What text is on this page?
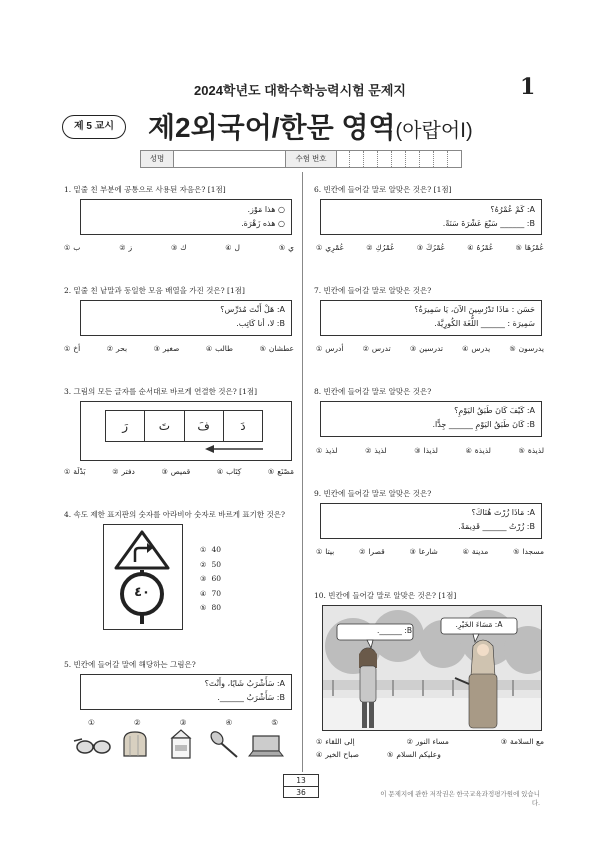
2024학년도 대학수학능력시험 문제지	1
제 5 교시	제2외국어/한문 영역(아랍어Ⅰ)
성명	수험 번호
1. 밑줄 친 부분에 공통으로 사용된 자음은? [1점]
○ هذا مَوْز.
○ هذه زَهْرَة.
① ب	② ز	③ ك	④ ل	⑤ ي
2. 밑줄 친 낱말과 동일한 모음 배열을 가진 것은? [1점]
A: هَلْ أَنْتَ مُدَرِّس؟
B: لا، أنا كَاتِب.
① أخ	② بحر	③ صغير	④ طالب	⑤ عطشان
3. 그림의 모든 글자를 순서대로 바르게 연결한 것은? [1점]
رَ	تَ	فَ	دَ
① بَدْلَة	② دفتر	③ قميص	④ كِتَاب	⑤ مَصْنَع
4. 속도 제한 표지판의 숫자를 아라비아 숫자로 바르게 표기한 것은?
٤٠
① 40
② 50
③ 60
④ 70
⑤ 80
5. 빈칸에 들어갈 말에 해당하는 그림은?
A: سَأَشْرَبُ شَايًا، وأَنْتَ؟
B: سَأَشْرَبُ ______.
①	②	③	④	⑤
6. 빈칸에 들어갈 말로 알맞은 것은? [1점]
A: كَمْ عُمْرُهُ؟
B: ______ سَبْعَ عَشْرَةَ سَنَةً.
① عُمْرِي	② عُمْرُكِ	③ عُمْرُكَ	④ عُمْرُهُ	⑤ عُمْرُهَا
7. 빈칸에 들어갈 말로 알맞은 것은?
حَسَن : مَاذَا تَدْرُسِينَ الآنَ، يَا سَمِيرَةُ؟
سَمِيرَة : ______ اللُّغَةَ الكُورِيَّةَ.
① أدرس	② تدرس	③ تدرسين	④ يدرس	⑤ يدرسون
8. 빈칸에 들어갈 말로 알맞은 것은?
A: كَيْفَ كَانَ طَبَقُ اليَوْمِ؟
B: كَانَ طَبَقُ اليَوْمِ ______ جِدًّا.
① لذيذ	② لذيذ	③ لذيذا	④ لذيذة	⑤ لذيذة
9. 빈칸에 들어갈 말로 알맞은 것은?
A: مَاذَا زُرْتَ هُنَاكَ؟
B: زُرْتُ ______ قَدِيمَةً.
① بيتا	② قصرا	③ شارعا	④ مدينة	⑤ مسجدا
10. 빈칸에 들어갈 말로 알맞은 것은? [1점]
.______ :B
A: مَسَاءَ الخَيْرِ.
① إلى اللقاء	② مساء النور	③ مع السلامة
④ صباح الخير	⑤ وعليكم السلام
13
36	이 문제지에 관한 저작권은 한국교육과정평가원에 있습니다.
